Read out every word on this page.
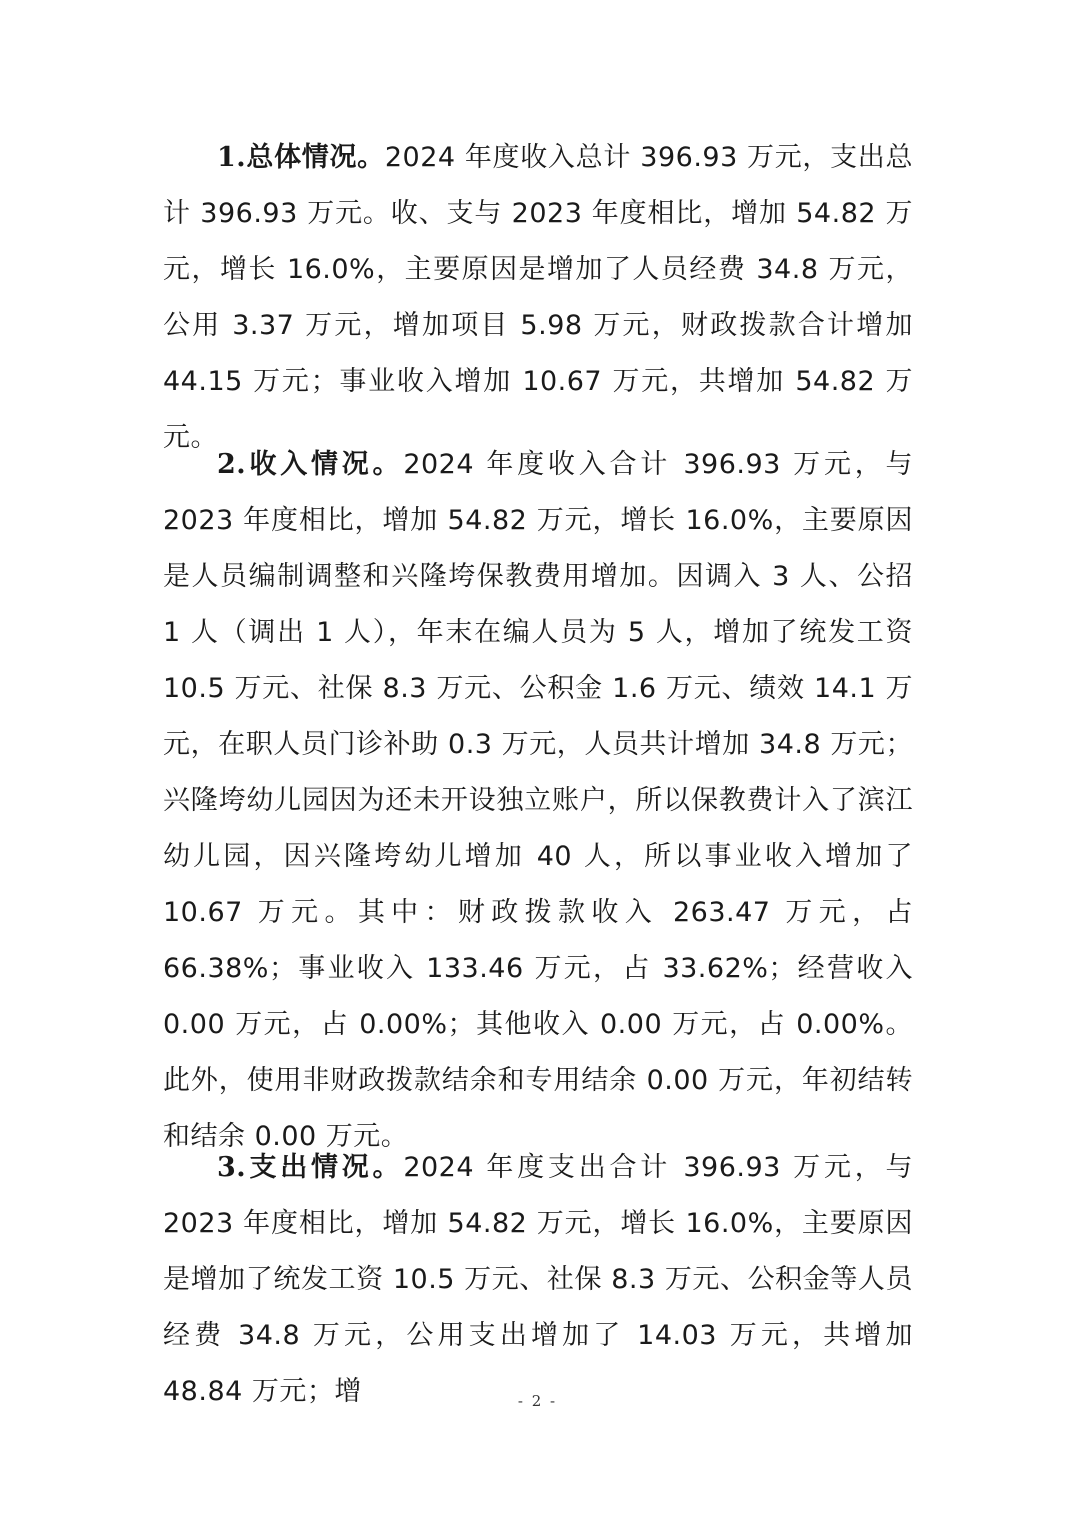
1.总体情况。2024 年度收入总计 396.93 万元，支出总计 396.93 万元。收、支与 2023 年度相比，增加 54.82 万元，增长 16.0%，主要原因是增加了人员经费 34.8 万元，公用 3.37 万元，增加项目 5.98 万元，财政拨款合计增加 44.15 万元；事业收入增加 10.67 万元，共增加 54.82 万元。

2.收入情况。2024 年度收入合计 396.93 万元，与 2023 年度相比，增加 54.82 万元，增长 16.0%，主要原因是人员编制调整和兴隆垮保教费用增加。因调入 3 人、公招 1 人（调出 1 人），年末在编人员为 5 人，增加了统发工资 10.5 万元、社保 8.3 万元、公积金 1.6 万元、绩效 14.1 万元，在职人员门诊补助 0.3 万元，人员共计增加 34.8 万元；兴隆垮幼儿园因为还未开设独立账户，所以保教费计入了滨江幼儿园，因兴隆垮幼儿增加 40 人，所以事业收入增加了 10.67 万元。其中：财政拨款收入 263.47 万元，占 66.38%；事业收入 133.46 万元，占 33.62%；经营收入 0.00 万元，占 0.00%；其他收入 0.00 万元，占 0.00%。此外，使用非财政拨款结余和专用结余 0.00 万元，年初结转和结余 0.00 万元。

3.支出情况。2024 年度支出合计 396.93 万元，与 2023 年度相比，增加 54.82 万元，增长 16.0%，主要原因是增加了统发工资 10.5 万元、社保 8.3 万元、公积金等人员经费 34.8 万元，公用支出增加了 14.03 万元，共增加 48.84 万元；增	- 2 -
